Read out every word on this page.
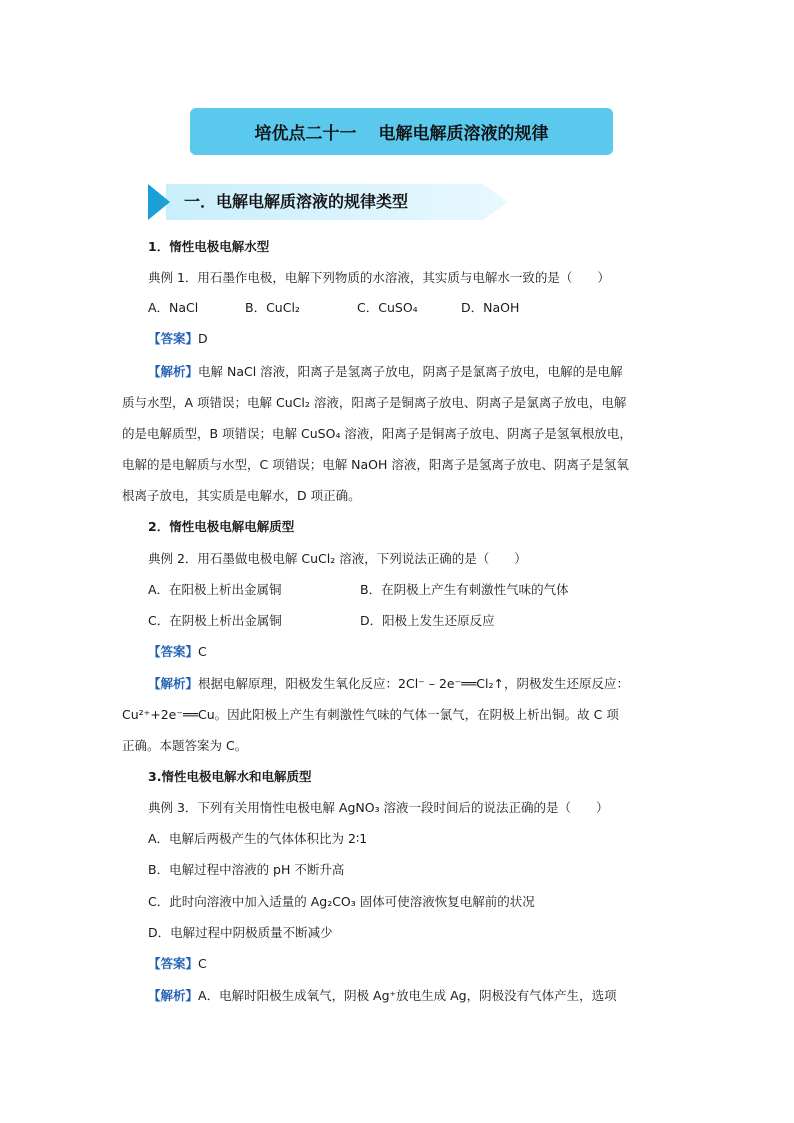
培优点二十一 电解电解质溶液的规律
一．电解电解质溶液的规律类型
1．惰性电极电解水型
典例 1．用石墨作电极，电解下列物质的水溶液，其实质与电解水一致的是（　　）
A．NaCl	B．CuCl₂	C．CuSO₄	D．NaOH
【答案】D
【解析】电解 NaCl 溶液，阳离子是氢离子放电，阴离子是氯离子放电，电解的是电解
质与水型，A 项错误；电解 CuCl₂ 溶液，阳离子是铜离子放电、阴离子是氯离子放电，电解
的是电解质型，B 项错误；电解 CuSO₄ 溶液，阳离子是铜离子放电、阴离子是氢氧根放电，
电解的是电解质与水型，C 项错误；电解 NaOH 溶液，阳离子是氢离子放电、阴离子是氢氧
根离子放电，其实质是电解水，D 项正确。
2．惰性电极电解电解质型
典例 2．用石墨做电极电解 CuCl₂ 溶液，下列说法正确的是（　　）
A．在阳极上析出金属铜	B．在阴极上产生有刺激性气味的气体
C．在阴极上析出金属铜	D．阳极上发生还原反应
【答案】C
【解析】根据电解原理，阳极发生氧化反应：2Cl⁻ – 2e⁻══Cl₂↑，阴极发生还原反应：
Cu²⁺+2e⁻══Cu。因此阳极上产生有刺激性气味的气体一氯气，在阴极上析出铜。故 C 项
正确。本题答案为 C。
3.惰性电极电解水和电解质型
典例 3．下列有关用惰性电极电解 AgNO₃ 溶液一段时间后的说法正确的是（　　）
A．电解后两极产生的气体体积比为 2∶1
B．电解过程中溶液的 pH 不断升高
C．此时向溶液中加入适量的 Ag₂CO₃ 固体可使溶液恢复电解前的状况
D．电解过程中阴极质量不断减少
【答案】C
【解析】A．电解时阳极生成氧气，阴极 Ag⁺放电生成 Ag，阴极没有气体产生，选项
